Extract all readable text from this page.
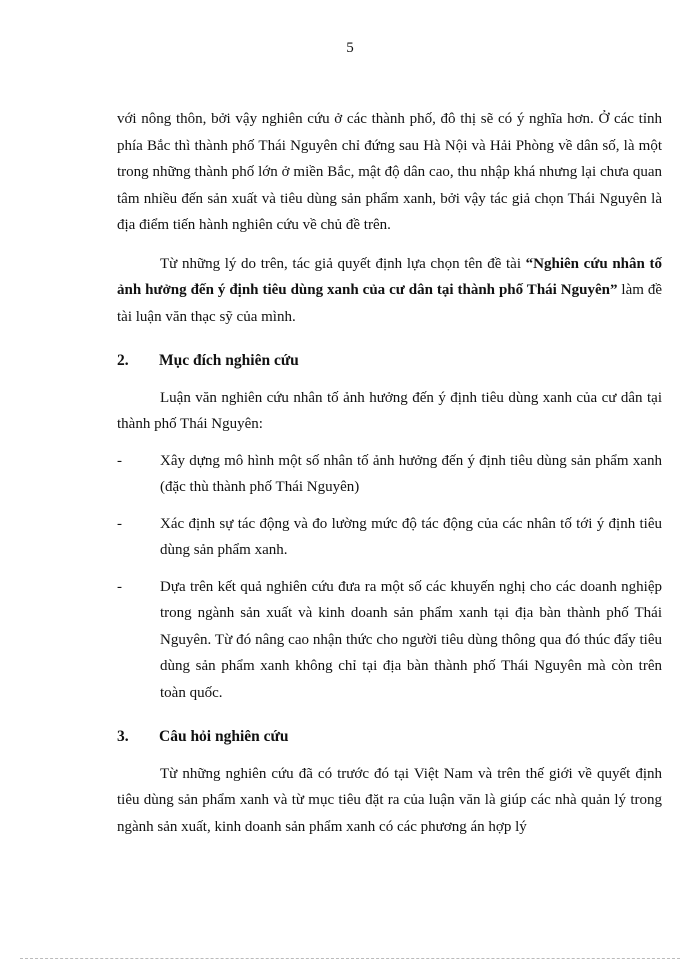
5

với nông thôn, bởi vậy nghiên cứu ở các thành phố, đô thị sẽ có ý nghĩa hơn. Ở các tỉnh phía Bắc thì thành phố Thái Nguyên chỉ đứng sau Hà Nội và Hải Phòng về dân số, là một trong những thành phố lớn ở miền Bắc, mật độ dân cao, thu nhập khá nhưng lại chưa quan tâm nhiều đến sản xuất và tiêu dùng sản phẩm xanh, bởi vậy tác giả chọn Thái Nguyên là địa điểm tiến hành nghiên cứu về chủ đề trên.

Từ những lý do trên, tác giả quyết định lựa chọn tên đề tài “Nghiên cứu nhân tố ảnh hưởng đến ý định tiêu dùng xanh của cư dân tại thành phố Thái Nguyên” làm đề tài luận văn thạc sỹ của mình.

2.	Mục đích nghiên cứu

Luận văn nghiên cứu nhân tố ảnh hưởng đến ý định tiêu dùng xanh của cư dân tại thành phố Thái Nguyên:

-	Xây dựng mô hình một số nhân tố ảnh hưởng đến ý định tiêu dùng sản phẩm xanh (đặc thù thành phố Thái Nguyên)
-	Xác định sự tác động và đo lường mức độ tác động của các nhân tố tới ý định tiêu dùng sản phẩm xanh.
-	Dựa trên kết quả nghiên cứu đưa ra một số các khuyến nghị cho các doanh nghiệp trong ngành sản xuất và kinh doanh sản phẩm xanh tại địa bàn thành phố Thái Nguyên. Từ đó nâng cao nhận thức cho người tiêu dùng thông qua đó thúc đẩy tiêu dùng sản phẩm xanh không chỉ tại địa bàn thành phố Thái Nguyên mà còn trên toàn quốc.
3.	Câu hỏi nghiên cứu

Từ những nghiên cứu đã có trước đó tại Việt Nam và trên thế giới về quyết định tiêu dùng sản phẩm xanh và từ mục tiêu đặt ra của luận văn là giúp các nhà quản lý trong ngành sản xuất, kinh doanh sản phẩm xanh có các phương án hợp lý
